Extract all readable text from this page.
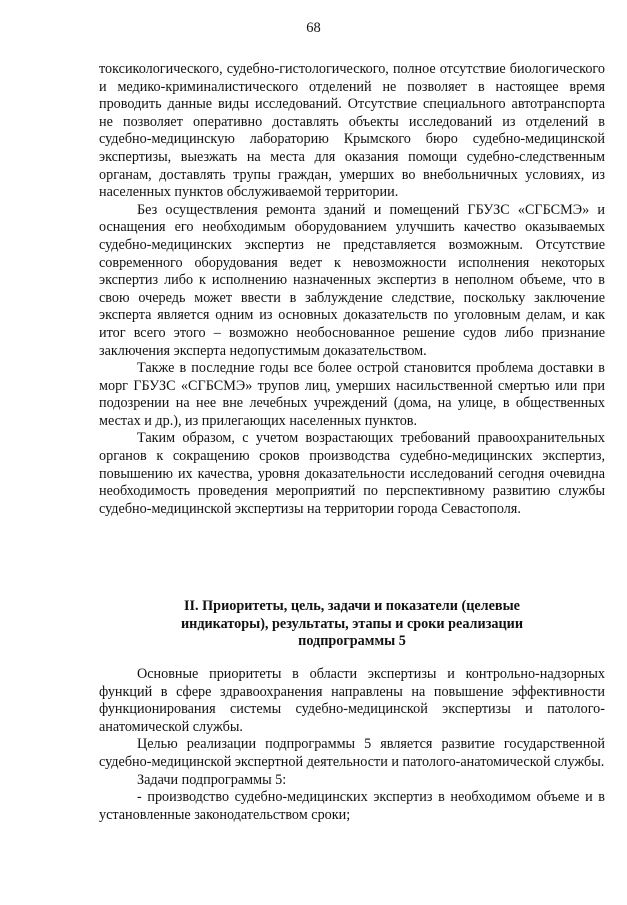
68

токсикологического, судебно-гистологического, полное отсутствие биологического и медико-криминалистического отделений не позволяет в настоящее время проводить данные виды исследований. Отсутствие специального автотранспорта не позволяет оперативно доставлять объекты исследований из отделений в судебно-медицинскую лабораторию Крымского бюро судебно-медицинской экспертизы, выезжать на места для оказания помощи судебно-следственным органам, доставлять трупы граждан, умерших во внебольничных условиях, из населенных пунктов обслуживаемой территории.

Без осуществления ремонта зданий и помещений ГБУЗС «СГБСМЭ» и оснащения его необходимым оборудованием улучшить качество оказываемых судебно-медицинских экспертиз не представляется возможным. Отсутствие современного оборудования ведет к невозможности исполнения некоторых экспертиз либо к исполнению назначенных экспертиз в неполном объеме, что в свою очередь может ввести в заблуждение следствие, поскольку заключение эксперта является одним из основных доказательств по уголовным делам, и как итог всего этого – возможно необоснованное решение судов либо признание заключения эксперта недопустимым доказательством.

Также в последние годы все более острой становится проблема доставки в морг ГБУЗС «СГБСМЭ» трупов лиц, умерших насильственной смертью или при подозрении на нее вне лечебных учреждений (дома, на улице, в общественных местах и др.), из прилегающих населенных пунктов.

Таким образом, с учетом возрастающих требований правоохранительных органов к сокращению сроков производства судебно-медицинских экспертиз, повышению их качества, уровня доказательности исследований сегодня очевидна необходимость проведения мероприятий по перспективному развитию службы судебно-медицинской экспертизы на территории города Севастополя.

II. Приоритеты, цель, задачи и показатели (целевые
индикаторы), результаты, этапы и сроки реализации
подпрограммы 5

Основные приоритеты в области экспертизы и контрольно-надзорных функций в сфере здравоохранения направлены на повышение эффективности функционирования системы судебно-медицинской экспертизы и патолого-анатомической службы.

Целью реализации подпрограммы 5 является развитие государственной судебно-медицинской экспертной деятельности и патолого-анатомической службы.

Задачи подпрограммы 5:

- производство судебно-медицинских экспертиз в необходимом объеме и в установленные законодательством сроки;
